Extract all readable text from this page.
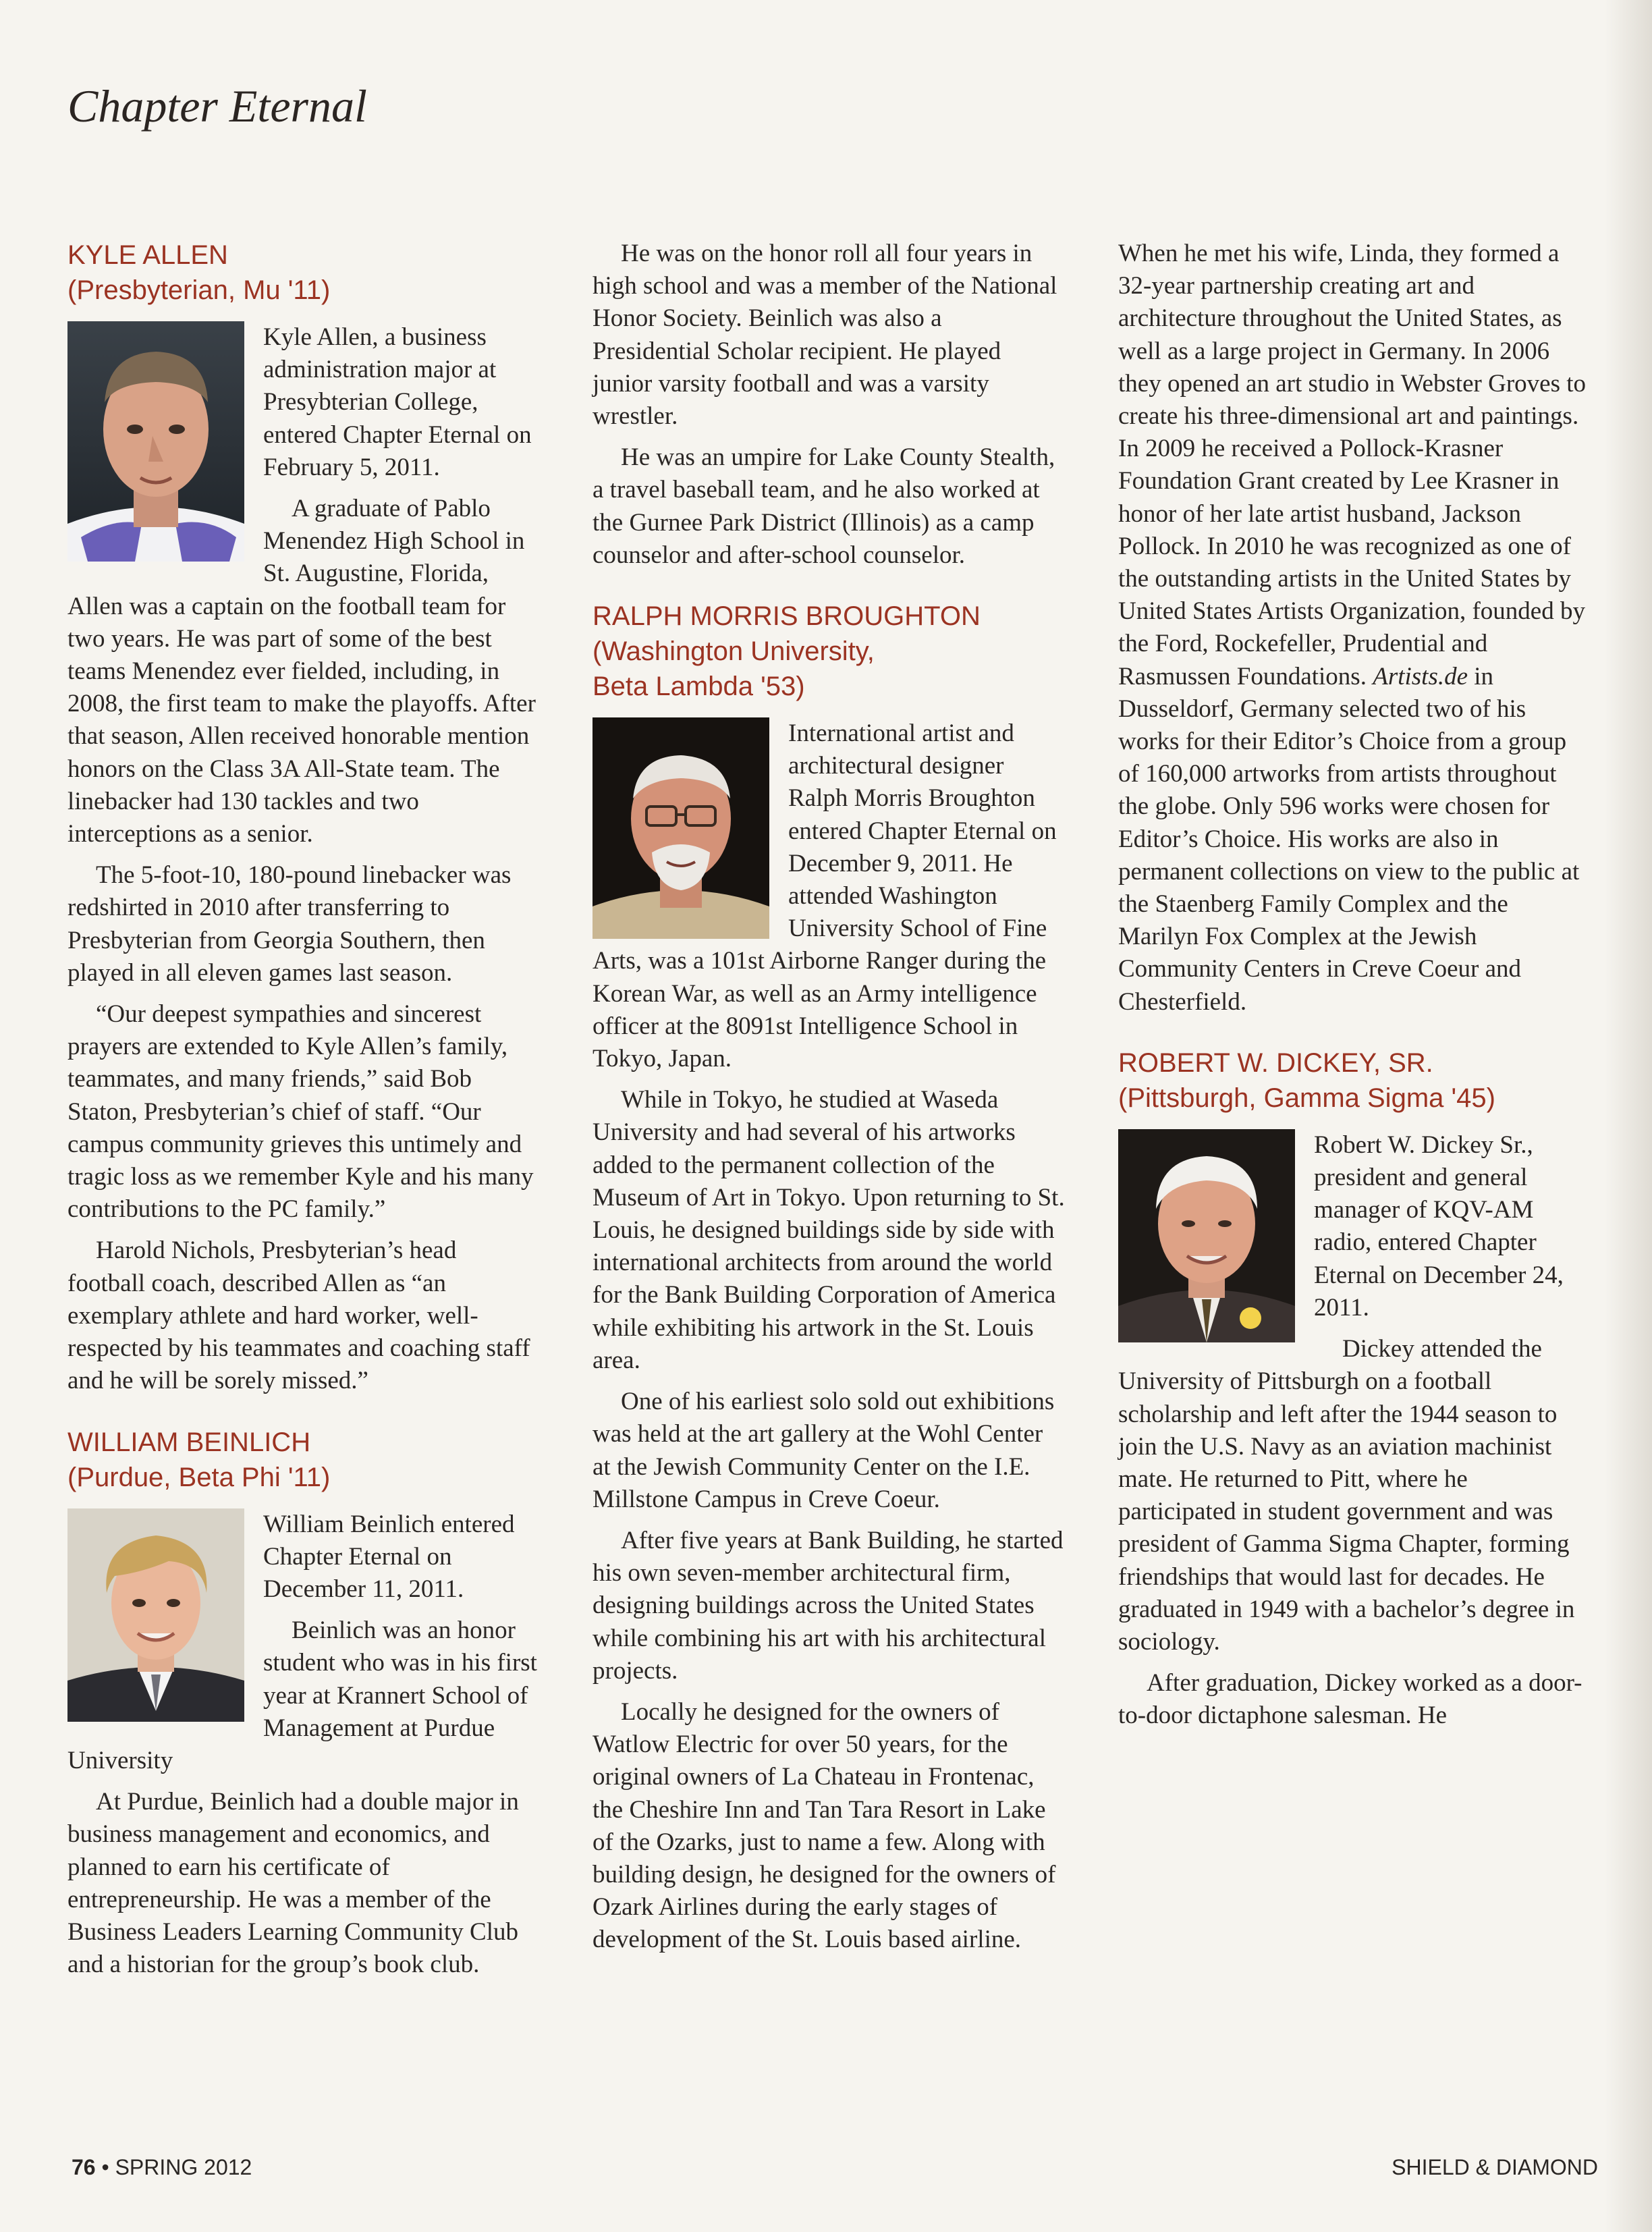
Chapter Eternal
KYLE ALLEN
(Presbyterian, Mu '11)

Kyle Allen, a business administration major at Presybterian College, entered Chapter Eternal on February 5, 2011.

A graduate of Pablo Menendez High School in St. Augustine, Florida, Allen was a captain on the football team for two years. He was part of some of the best teams Menendez ever fielded, including, in 2008, the first team to make the playoffs. After that season, Allen received honorable mention honors on the Class 3A All-State team. The linebacker had 130 tackles and two interceptions as a senior.

The 5-foot-10, 180-pound linebacker was redshirted in 2010 after transferring to Presbyterian from Georgia Southern, then played in all eleven games last season.

“Our deepest sympathies and sincerest prayers are extended to Kyle Allen’s family, teammates, and many friends,” said Bob Staton, Presbyterian’s chief of staff. “Our campus community grieves this untimely and tragic loss as we remember Kyle and his many contributions to the PC family.”

Harold Nichols, Presbyterian’s head football coach, described Allen as “an exemplary athlete and hard worker, well-respected by his teammates and coaching staff and he will be sorely missed.”

WILLIAM BEINLICH
(Purdue, Beta Phi '11)

William Beinlich entered Chapter Eternal on December 11, 2011.

Beinlich was an honor student who was in his first year at Krannert School of Management at Purdue University

At Purdue, Beinlich had a double major in business management and economics, and planned to earn his certificate of entrepreneurship. He was a member of the Business Leaders Learning Community Club and a historian for the group’s book club.

He was on the honor roll all four years in high school and was a member of the National Honor Society. Beinlich was also a Presidential Scholar recipient. He played junior varsity football and was a varsity wrestler.

He was an umpire for Lake County Stealth, a travel baseball team, and he also worked at the Gurnee Park District (Illinois) as a camp counselor and after-school counselor.

RALPH MORRIS BROUGHTON
(Washington University,
Beta Lambda '53)

International artist and architectural designer Ralph Morris Broughton entered Chapter Eternal on December 9, 2011. He attended Washington University School of Fine Arts, was a 101st Airborne Ranger during the Korean War, as well as an Army intelligence officer at the 8091st Intelligence School in Tokyo, Japan.

While in Tokyo, he studied at Waseda University and had several of his artworks added to the permanent collection of the Museum of Art in Tokyo. Upon returning to St. Louis, he designed buildings side by side with international architects from around the world for the Bank Building Corporation of America while exhibiting his artwork in the St. Louis area.

One of his earliest solo sold out exhibitions was held at the art gallery at the Wohl Center at the Jewish Community Center on the I.E. Millstone Campus in Creve Coeur.

After five years at Bank Building, he started his own seven-member architectural firm, designing buildings across the United States while combining his art with his architectural projects.

Locally he designed for the owners of Watlow Electric for over 50 years, for the original owners of La Chateau in Frontenac, the Cheshire Inn and Tan Tara Resort in Lake of the Ozarks, just to name a few. Along with building design, he designed for the owners of Ozark Airlines during the early stages of development of the St. Louis based airline.

When he met his wife, Linda, they formed a 32-year partnership creating art and architecture throughout the United States, as well as a large project in Germany. In 2006 they opened an art studio in Webster Groves to create his three-dimensional art and paintings. In 2009 he received a Pollock-Krasner Foundation Grant created by Lee Krasner in honor of her late artist husband, Jackson Pollock. In 2010 he was recognized as one of the outstanding artists in the United States by United States Artists Organization, founded by the Ford, Rockefeller, Prudential and Rasmussen Foundations. Artists.de in Dusseldorf, Germany selected two of his works for their Editor’s Choice from a group of 160,000 artworks from artists throughout the globe. Only 596 works were chosen for Editor’s Choice. His works are also in permanent collections on view to the public at the Staenberg Family Complex and the Marilyn Fox Complex at the Jewish Community Centers in Creve Coeur and Chesterfield.

ROBERT W. DICKEY, SR.
(Pittsburgh, Gamma Sigma '45)

Robert W. Dickey Sr., president and general manager of KQV-AM radio, entered Chapter Eternal on December 24, 2011.

Dickey attended the University of Pittsburgh on a football scholarship and left after the 1944 season to join the U.S. Navy as an aviation machinist mate. He returned to Pitt, where he participated in student government and was president of Gamma Sigma Chapter, forming friendships that would last for decades. He graduated in 1949 with a bachelor’s degree in sociology.

After graduation, Dickey worked as a door-to-door dictaphone salesman. He

76 • SPRING 2012	SHIELD & DIAMOND
